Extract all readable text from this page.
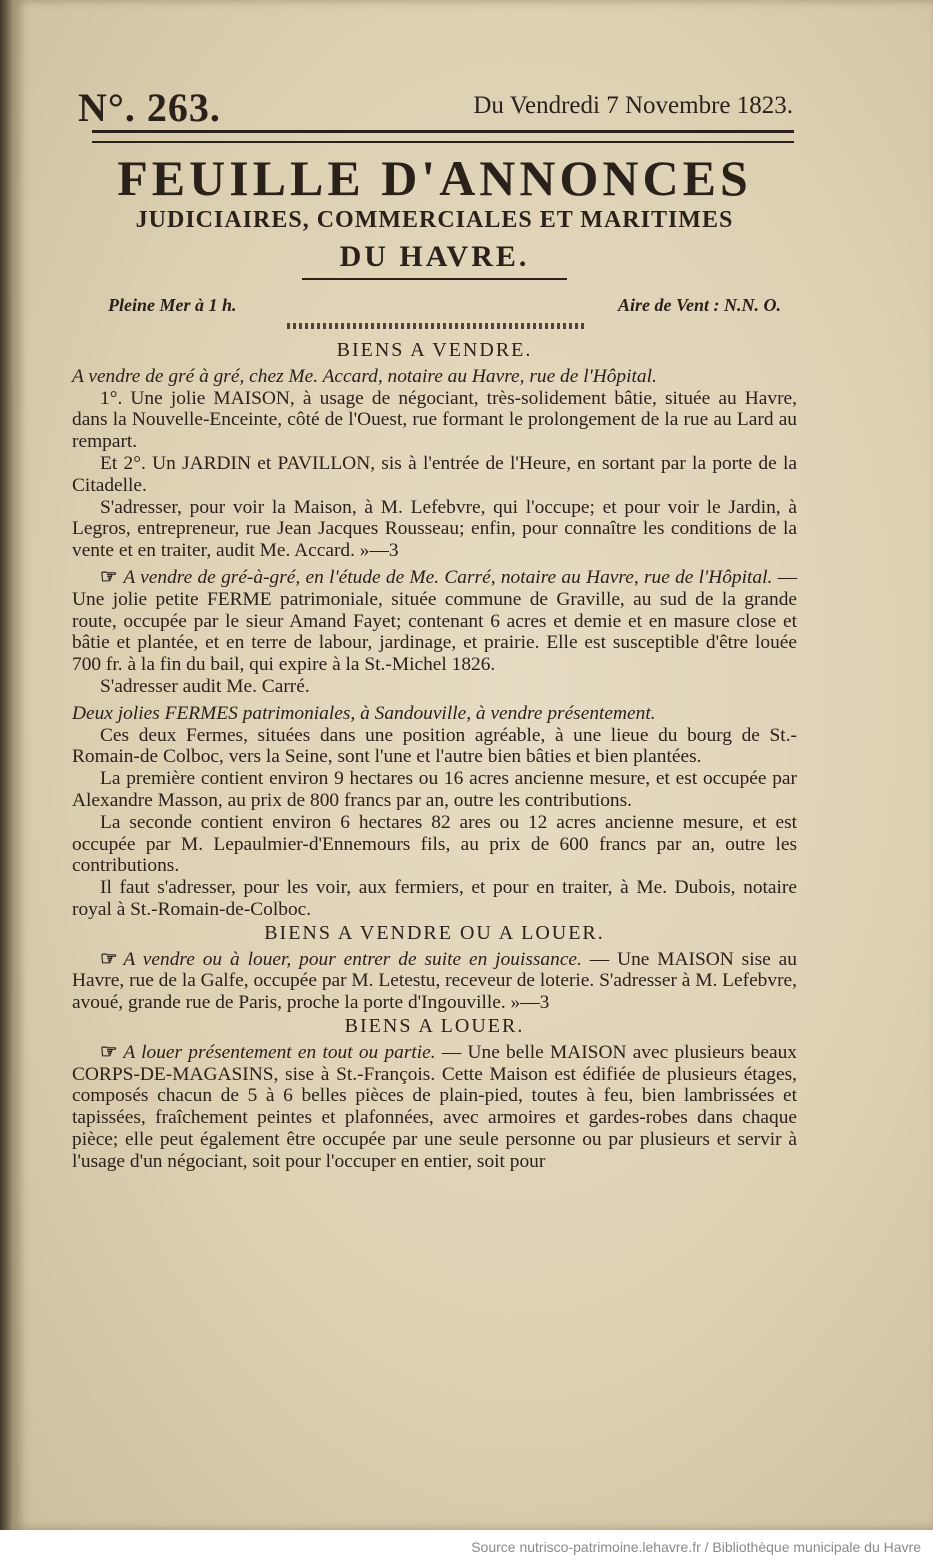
N°. 263.	Du Vendredi 7 Novembre 1823.
FEUILLE D'ANNONCES
JUDICIAIRES, COMMERCIALES ET MARITIMES
DU HAVRE.
Pleine Mer à 1 h.	Aire de Vent : N.N. O.
BIENS A VENDRE.

A vendre de gré à gré, chez Me. Accard, notaire au Havre, rue de l'Hôpital.

1°. Une jolie MAISON, à usage de négociant, très-solidement bâtie, située au Havre, dans la Nouvelle-Enceinte, côté de l'Ouest, rue formant le prolongement de la rue au Lard au rempart.

Et 2°. Un JARDIN et PAVILLON, sis à l'entrée de l'Heure, en sortant par la porte de la Citadelle.

S'adresser, pour voir la Maison, à M. Lefebvre, qui l'occupe; et pour voir le Jardin, à Legros, entrepreneur, rue Jean Jacques Rousseau; enfin, pour connaître les conditions de la vente et en traiter, audit Me. Accard. »—3

☞ A vendre de gré-à-gré, en l'étude de Me. Carré, notaire au Havre, rue de l'Hôpital. — Une jolie petite FERME patrimoniale, située commune de Graville, au sud de la grande route, occupée par le sieur Amand Fayet; contenant 6 acres et demie et en masure close et bâtie et plantée, et en terre de labour, jardinage, et prairie. Elle est susceptible d'être louée 700 fr. à la fin du bail, qui expire à la St.-Michel 1826.

S'adresser audit Me. Carré.

Deux jolies FERMES patrimoniales, à Sandouville, à vendre présentement.

Ces deux Fermes, situées dans une position agréable, à une lieue du bourg de St.-Romain-de Colboc, vers la Seine, sont l'une et l'autre bien bâties et bien plantées.

La première contient environ 9 hectares ou 16 acres ancienne mesure, et est occupée par Alexandre Masson, au prix de 800 francs par an, outre les contributions.

La seconde contient environ 6 hectares 82 ares ou 12 acres ancienne mesure, et est occupée par M. Lepaulmier-d'Ennemours fils, au prix de 600 francs par an, outre les contributions.

Il faut s'adresser, pour les voir, aux fermiers, et pour en traiter, à Me. Dubois, notaire royal à St.-Romain-de-Colboc.

BIENS A VENDRE OU A LOUER.

☞ A vendre ou à louer, pour entrer de suite en jouissance. — Une MAISON sise au Havre, rue de la Galfe, occupée par M. Letestu, receveur de loterie. S'adresser à M. Lefebvre, avoué, grande rue de Paris, proche la porte d'Ingouville. »—3

BIENS A LOUER.

☞ A louer présentement en tout ou partie. — Une belle MAISON avec plusieurs beaux CORPS-DE-MAGASINS, sise à St.-François. Cette Maison est édifiée de plusieurs étages, composés chacun de 5 à 6 belles pièces de plain-pied, toutes à feu, bien lambrissées et tapissées, fraîchement peintes et plafonnées, avec armoires et gardes-robes dans chaque pièce; elle peut également être occupée par une seule personne ou par plusieurs et servir à l'usage d'un négociant, soit pour l'occuper en entier, soit pour

Source nutrisco-patrimoine.lehavre.fr / Bibliothèque municipale du Havre
